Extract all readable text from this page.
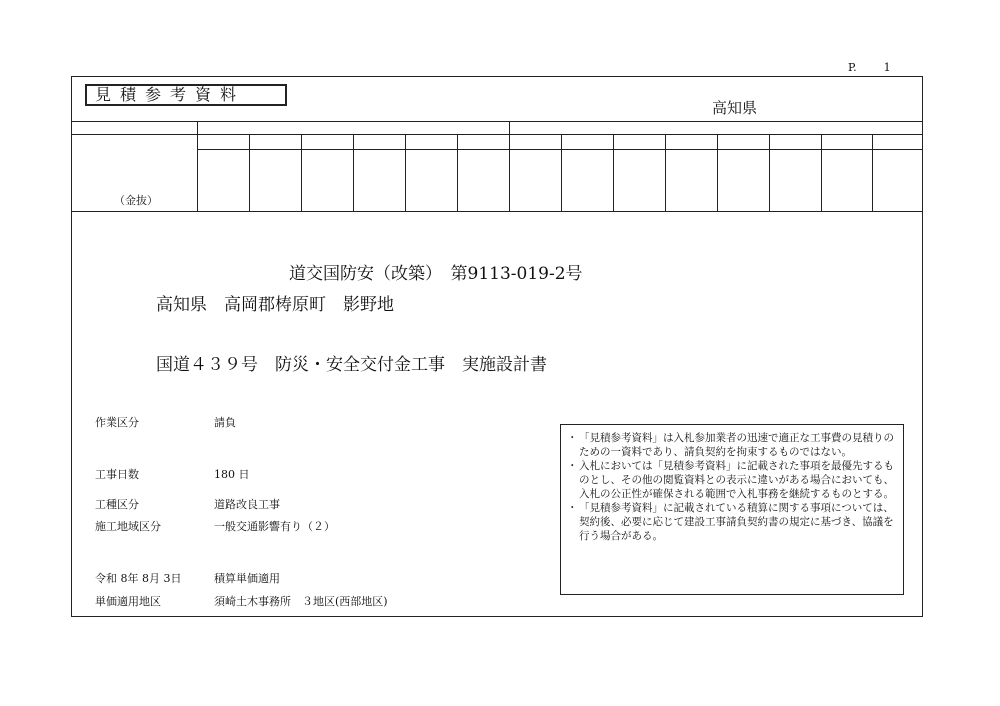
P. 1
見積参考資料
高知県
（金抜）
道交国防安（改築）　第9113-019-2号
高知県　高岡郡梼原町　影野地
国道４３９号　防災・安全交付金工事　実施設計書
作業区分	請負
工事日数	180 日
工種区分	道路改良工事
施工地域区分	一般交通影響有り（２）
令和 8年 8月 3日	積算単価適用
単価適用地区	須崎土木事務所　３地区(西部地区)
・ 「見積参考資料」は入札参加業者の迅速で適正な工事費の見積りのための一資料であり、請負契約を拘束するものではない。
・ 入札においては「見積参考資料」に記載された事項を最優先するものとし、その他の閲覧資料との表示に違いがある場合においても、入札の公正性が確保される範囲で入札事務を継続するものとする。
・ 「見積参考資料」に記載されている積算に関する事項については、契約後、必要に応じて建設工事請負契約書の規定に基づき、協議を行う場合がある。
